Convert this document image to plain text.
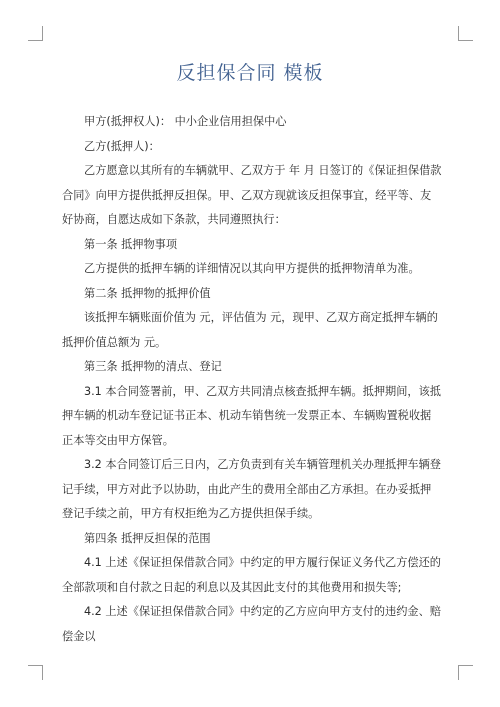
反担保合同 模板

甲方(抵押权人)： 中小企业信用担保中心

乙方(抵押人)：

乙方愿意以其所有的车辆就甲、乙双方于 年 月 日签订的《保证担保借款合同》向甲方提供抵押反担保。甲、乙双方现就该反担保事宜，经平等、友好协商，自愿达成如下条款，共同遵照执行：

第一条 抵押物事项

乙方提供的抵押车辆的详细情况以其向甲方提供的抵押物清单为准。

第二条 抵押物的抵押价值

该抵押车辆账面价值为 元，评估值为 元，现甲、乙双方商定抵押车辆的抵押价值总额为 元。

第三条 抵押物的清点、登记

3.1 本合同签署前，甲、乙双方共同清点核查抵押车辆。抵押期间，该抵押车辆的机动车登记证书正本、机动车销售统一发票正本、车辆购置税收据正本等交由甲方保管。

3.2 本合同签订后三日内，乙方负责到有关车辆管理机关办理抵押车辆登记手续，甲方对此予以协助，由此产生的费用全部由乙方承担。在办妥抵押登记手续之前，甲方有权拒绝为乙方提供担保手续。

第四条 抵押反担保的范围

4.1 上述《保证担保借款合同》中约定的甲方履行保证义务代乙方偿还的全部款项和自付款之日起的利息以及其因此支付的其他费用和损失等;

4.2 上述《保证担保借款合同》中约定的乙方应向甲方支付的违约金、赔偿金以
